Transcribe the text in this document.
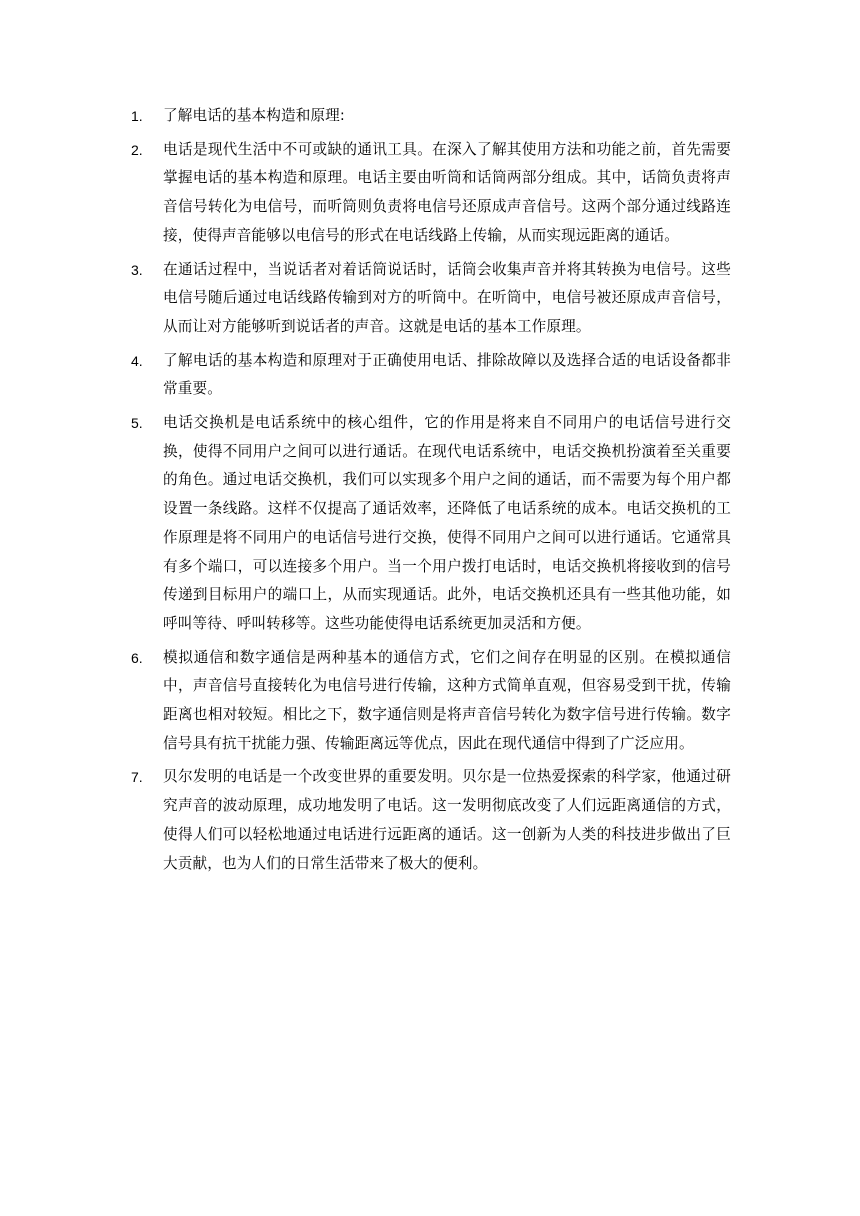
1.	了解电话的基本构造和原理:
2.	电话是现代生活中不可或缺的通讯工具。在深入了解其使用方法和功能之前，首先需要掌握电话的基本构造和原理。电话主要由听筒和话筒两部分组成。其中，话筒负责将声音信号转化为电信号，而听筒则负责将电信号还原成声音信号。这两个部分通过线路连接，使得声音能够以电信号的形式在电话线路上传输，从而实现远距离的通话。
3.	在通话过程中，当说话者对着话筒说话时，话筒会收集声音并将其转换为电信号。这些电信号随后通过电话线路传输到对方的听筒中。在听筒中，电信号被还原成声音信号，从而让对方能够听到说话者的声音。这就是电话的基本工作原理。
4.	了解电话的基本构造和原理对于正确使用电话、排除故障以及选择合适的电话设备都非常重要。
5.	电话交换机是电话系统中的核心组件，它的作用是将来自不同用户的电话信号进行交换，使得不同用户之间可以进行通话。在现代电话系统中，电话交换机扮演着至关重要的角色。通过电话交换机，我们可以实现多个用户之间的通话，而不需要为每个用户都设置一条线路。这样不仅提高了通话效率，还降低了电话系统的成本。电话交换机的工作原理是将不同用户的电话信号进行交换，使得不同用户之间可以进行通话。它通常具有多个端口，可以连接多个用户。当一个用户拨打电话时，电话交换机将接收到的信号传递到目标用户的端口上，从而实现通话。此外，电话交换机还具有一些其他功能，如呼叫等待、呼叫转移等。这些功能使得电话系统更加灵活和方便。
6.	模拟通信和数字通信是两种基本的通信方式，它们之间存在明显的区别。在模拟通信中，声音信号直接转化为电信号进行传输，这种方式简单直观，但容易受到干扰，传输距离也相对较短。相比之下，数字通信则是将声音信号转化为数字信号进行传输。数字信号具有抗干扰能力强、传输距离远等优点，因此在现代通信中得到了广泛应用。
7.	贝尔发明的电话是一个改变世界的重要发明。贝尔是一位热爱探索的科学家，他通过研究声音的波动原理，成功地发明了电话。这一发明彻底改变了人们远距离通信的方式，使得人们可以轻松地通过电话进行远距离的通话。这一创新为人类的科技进步做出了巨大贡献，也为人们的日常生活带来了极大的便利。
